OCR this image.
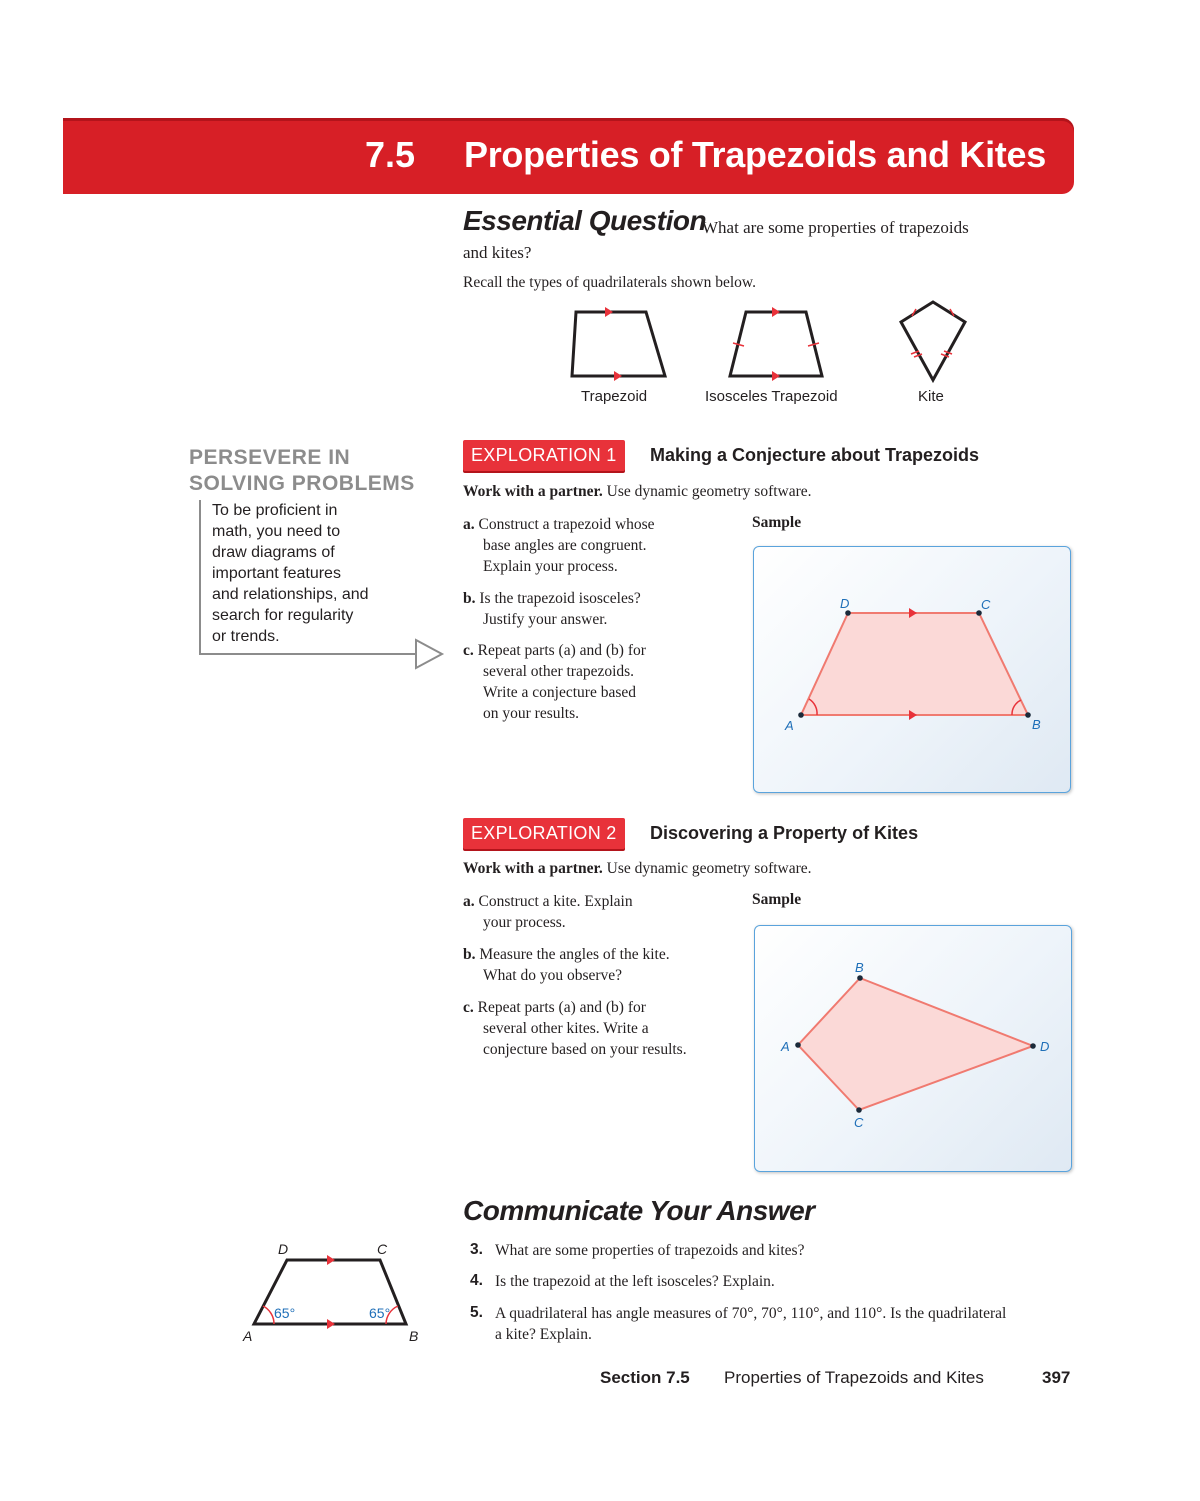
7.5 Properties of Trapezoids and Kites
Essential Question
What are some properties of trapezoids
and kites?
Recall the types of quadrilaterals shown below.
Trapezoid	Isosceles Trapezoid	Kite
PERSEVERE IN
SOLVING PROBLEMS
To be proficient in
math, you need to
draw diagrams of
important features
and relationships, and
search for regularity
or trends.
EXPLORATION 1	Making a Conjecture about Trapezoids
Work with a partner. Use dynamic geometry software.
a. Construct a trapezoid whose
base angles are congruent.
Explain your process.
b. Is the trapezoid isosceles?
Justify your answer.
c. Repeat parts (a) and (b) for
several other trapezoids.
Write a conjecture based
on your results.
Sample
D	C
B
A
EXPLORATION 2	Discovering a Property of Kites
Work with a partner. Use dynamic geometry software.
a. Construct a kite. Explain
your process.
b. Measure the angles of the kite.
What do you observe?
c. Repeat parts (a) and (b) for
several other kites. Write a
conjecture based on your results.
Sample
B
D
C
A
Communicate Your Answer
3. What are some properties of trapezoids and kites?
4. Is the trapezoid at the left isosceles? Explain.
5. A quadrilateral has angle measures of 70°, 70°, 110°, and 110°. Is the quadrilateral
a kite? Explain.
65°	65°
D	C
A	B
Section 7.5 Properties of Trapezoids and Kites	397
